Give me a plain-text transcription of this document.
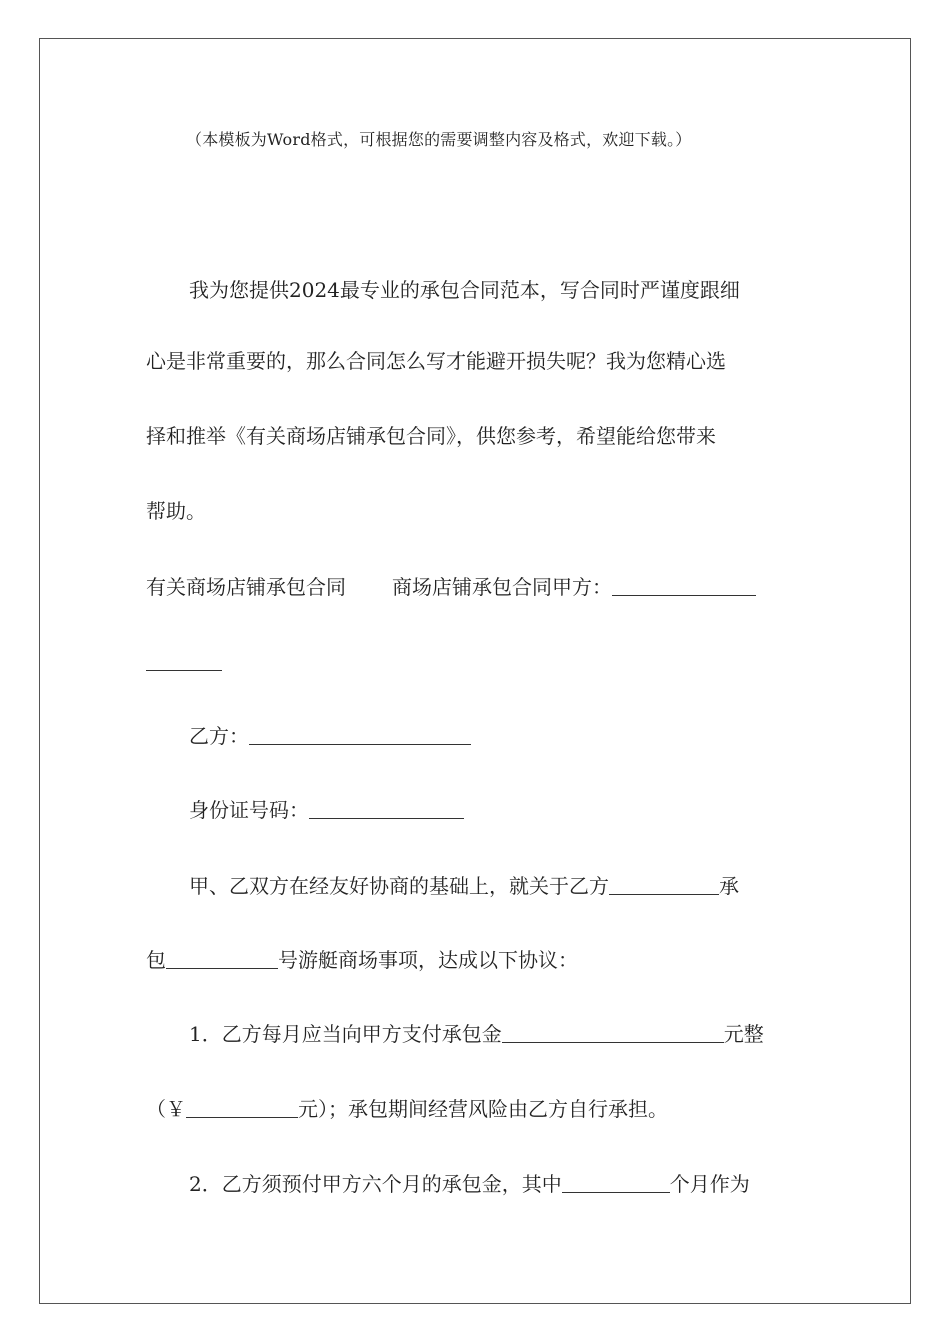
（本模板为Word格式，可根据您的需要调整内容及格式，欢迎下载。）
我为您提供2024最专业的承包合同范本，写合同时严谨度跟细
心是非常重要的，那么合同怎么写才能避开损失呢？我为您精心选
择和推举《有关商场店铺承包合同》，供您参考，希望能给您带来
帮助。
有关商场店铺承包合同 商场店铺承包合同甲方：
乙方：
身份证号码：
甲、乙双方在经友好协商的基础上，就关于乙方	承
包	号游艇商场事项，达成以下协议：
1．乙方每月应当向甲方支付承包金	元整
（￥	元）；承包期间经营风险由乙方自行承担。
2．乙方须预付甲方六个月的承包金，其中	个月作为
